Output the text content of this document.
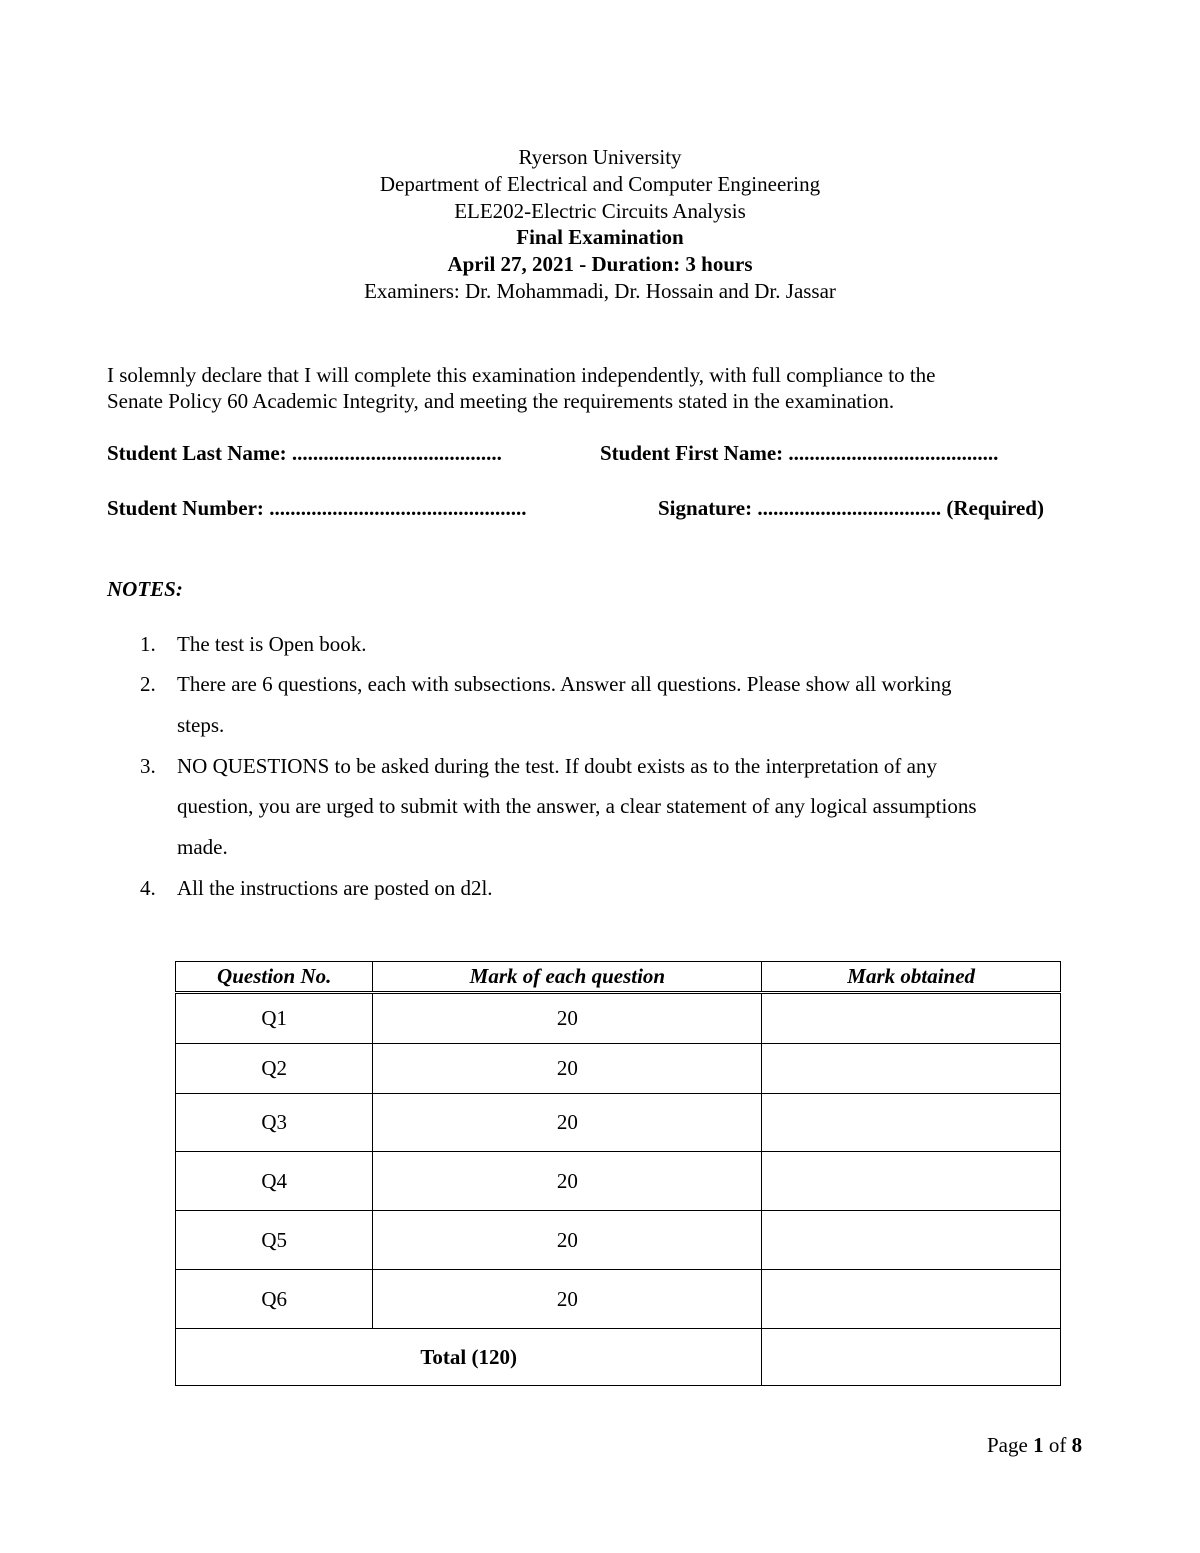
Ryerson University
Department of Electrical and Computer Engineering
ELE202-Electric Circuits Analysis
Final Examination
April 27, 2021 - Duration: 3 hours
Examiners: Dr. Mohammadi, Dr. Hossain and Dr. Jassar
I solemnly declare that I will complete this examination independently, with full compliance to the
Senate Policy 60 Academic Integrity, and meeting the requirements stated in the examination.
Student Last Name: ........................................	Student First Name: ........................................
Student Number: .................................................	Signature: ................................... (Required)
NOTES:
1. The test is Open book.
2. There are 6 questions, each with subsections. Answer all questions. Please show all working
steps.
3. NO QUESTIONS to be asked during the test. If doubt exists as to the interpretation of any
question, you are urged to submit with the answer, a clear statement of any logical assumptions
made.
4. All the instructions are posted on d2l.
Question No.	Mark of each question	Mark obtained
Q1	20	
Q2	20	
Q3	20	
Q4	20	
Q5	20	
Q6	20	
Total (120)		
Page 1 of 8
